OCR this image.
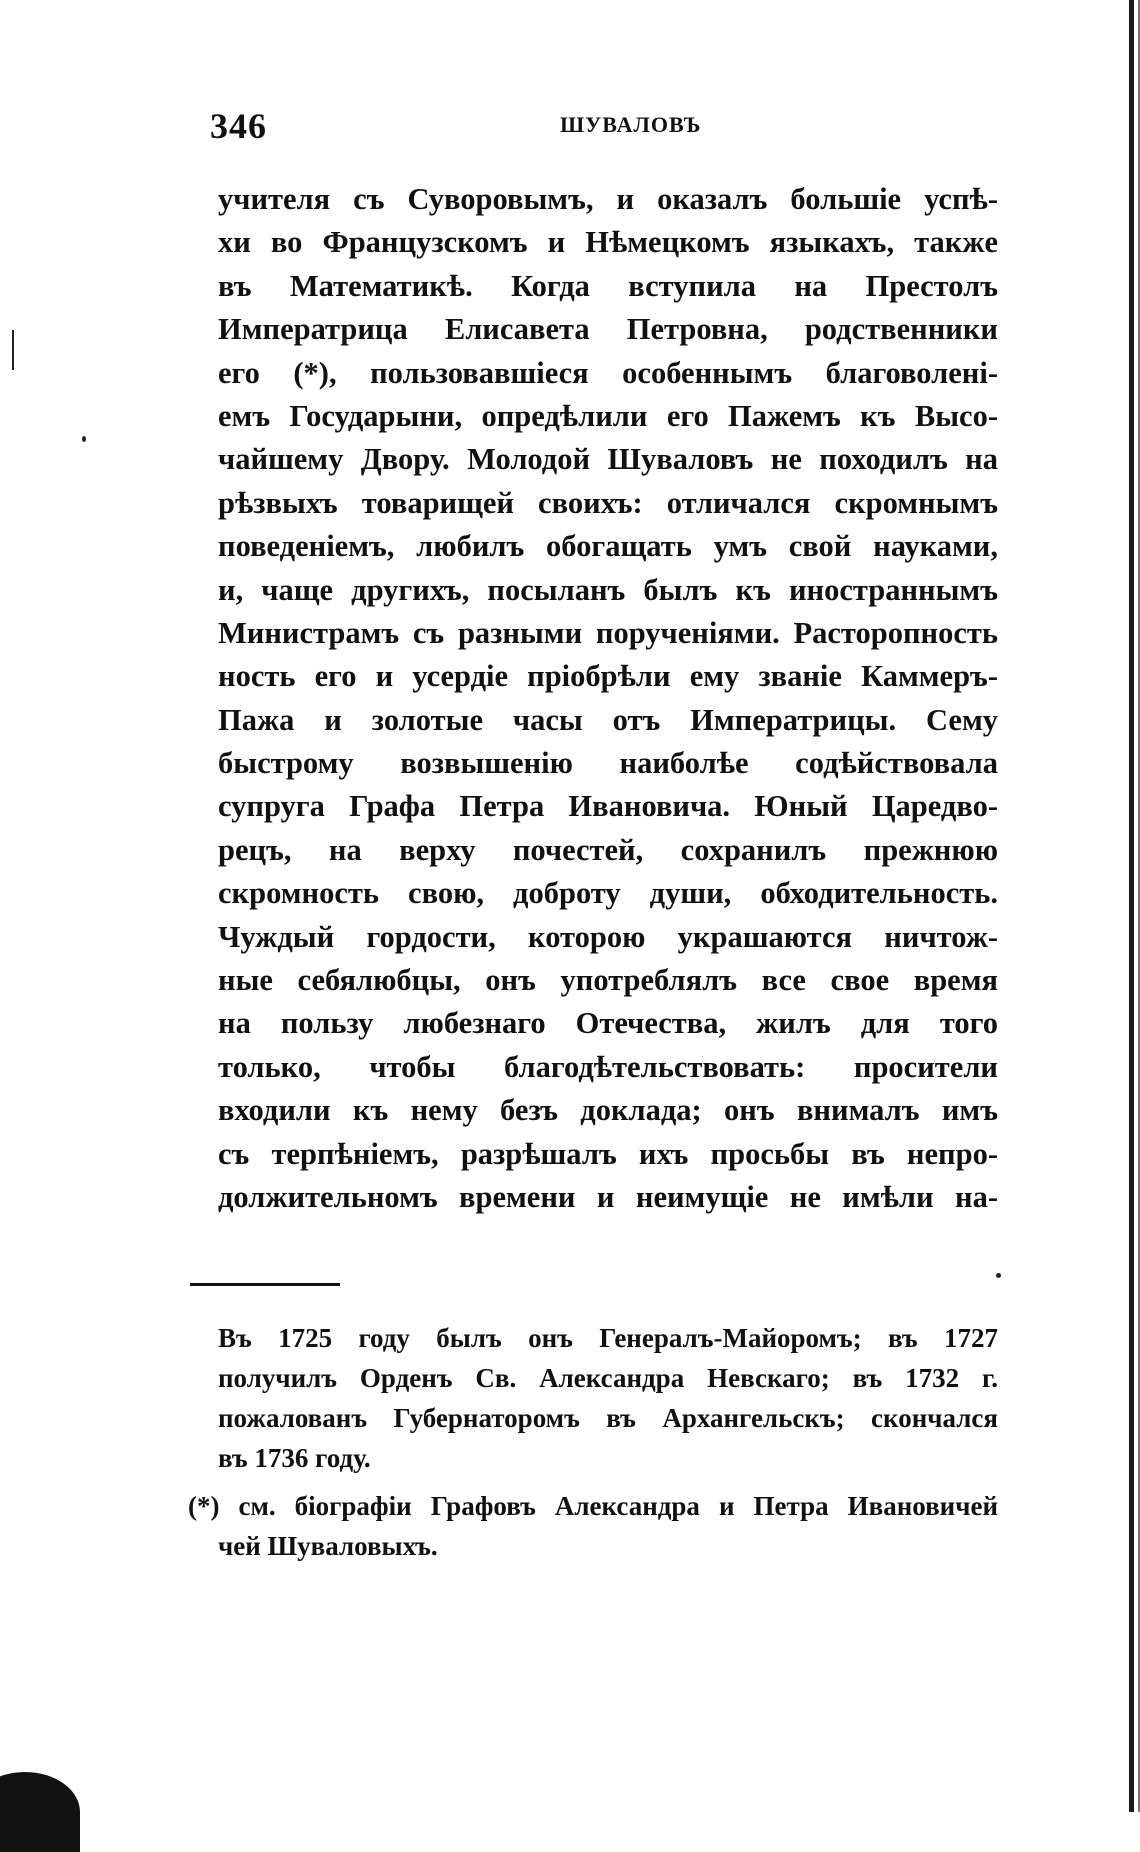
346	ШУВАЛОВЪ
учителя съ Суворовымъ, и оказалъ большіе успѣ-
хи во Французскомъ и Нѣмецкомъ языкахъ, такжe
въ Математикѣ. Когда вступила на Престолъ
Императрица Елисавета Петровна, родственники
его (*), пользовавшіеся особеннымъ благоволені-
емъ Государыни, опредѣлили его Пажемъ къ Высо-
чайшему Двору. Молодой Шуваловъ не походилъ на
рѣзвыхъ товарищей своихъ: отличался скромнымъ
поведеніемъ, любилъ обогащать умъ свой науками,
и, чаще другихъ, посыланъ былъ къ иностраннымъ
Министрамъ съ разными порученіями. Расторопность
ность его и усердіе пріобрѣли ему званіе Каммеръ-
Пажа и золотые часы отъ Императрицы. Сему
быстрому возвышенію наиболѣе содѣйствовала
супруга Графа Петра Ивановича. Юный Царедво-
рецъ, на верху почестей, сохранилъ прежнюю
скромность свою, доброту души, обходительность.
Чуждый гордости, которою украшаются ничтож-
ные себялюбцы, онъ употреблялъ все свое время
на пользу любезнаго Отечества, жилъ для того
только, чтобы благодѣтельствовать: просители
входили къ нему безъ доклада; онъ внималъ имъ
съ терпѣніемъ, разрѣшалъ ихъ просьбы въ непро-
должительномъ времени и неимущіе не имѣли на-
Въ 1725 году былъ онъ Генералъ-Майоромъ; въ 1727
получилъ Орденъ Св. Александра Невскаго; въ 1732 г.
пожалованъ Губернаторомъ въ Архангельскъ; скончался
въ 1736 году.
(*) см. біографіи Графовъ Александра и Петра Ивановичей
чей Шуваловыхъ.
